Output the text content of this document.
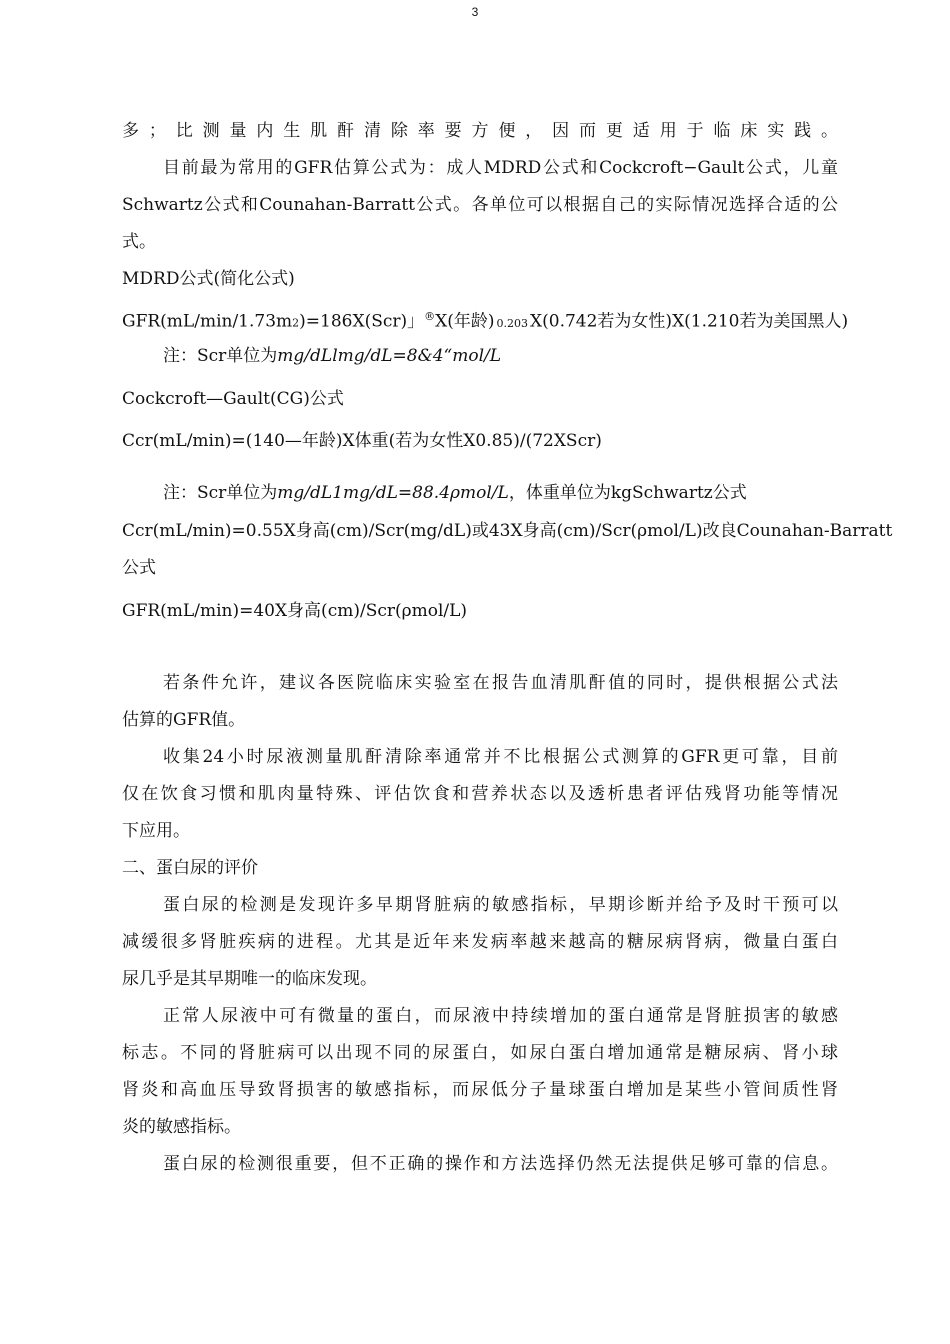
3
多；比测量内生肌酐清除率要方便，因而更适用于临床实践。
目前最为常用的GFR估算公式为：成人MDRD公式和Cockcroft−Gault公式，儿童
Schwartz公式和Counahan-Barratt公式。各单位可以根据自己的实际情况选择合适的公
式。
MDRD公式(简化公式)
GFR(mL/min/1.73m2)=186X(Scr)」®X(年龄) 0.203 X(0.742若为女性)X(1.210若为美国黑人)
注：Scr单位为mg/dLlmg/dL=8&4“mol/L
Cockcroft—Gault(CG)公式
Ccr(mL/min)=(140—年龄)X体重(若为女性X0.85)/(72XScr)
注：Scr单位为mg/dL1mg/dL=88.4ρmol/L，体重单位为kgSchwartz公式
Ccr(mL/min)=0.55X身高(cm)/Scr(mg/dL)或43X身高(cm)/Scr(ρmol/L)改良Counahan-Barratt
公式
GFR(mL/min)=40X身高(cm)/Scr(ρmol/L)
若条件允许，建议各医院临床实验室在报告血清肌酐值的同时，提供根据公式法
估算的GFR值。
收集24小时尿液测量肌酐清除率通常并不比根据公式测算的GFR更可靠，目前
仅在饮食习惯和肌肉量特殊、评估饮食和营养状态以及透析患者评估残肾功能等情况
下应用。
二、蛋白尿的评价
蛋白尿的检测是发现许多早期肾脏病的敏感指标，早期诊断并给予及时干预可以
减缓很多肾脏疾病的进程。尤其是近年来发病率越来越高的糖尿病肾病，微量白蛋白
尿几乎是其早期唯一的临床发现。
正常人尿液中可有微量的蛋白，而尿液中持续增加的蛋白通常是肾脏损害的敏感
标志。不同的肾脏病可以出现不同的尿蛋白，如尿白蛋白增加通常是糖尿病、肾小球
肾炎和高血压导致肾损害的敏感指标，而尿低分子量球蛋白增加是某些小管间质性肾
炎的敏感指标。
蛋白尿的检测很重要，但不正确的操作和方法选择仍然无法提供足够可靠的信息。
